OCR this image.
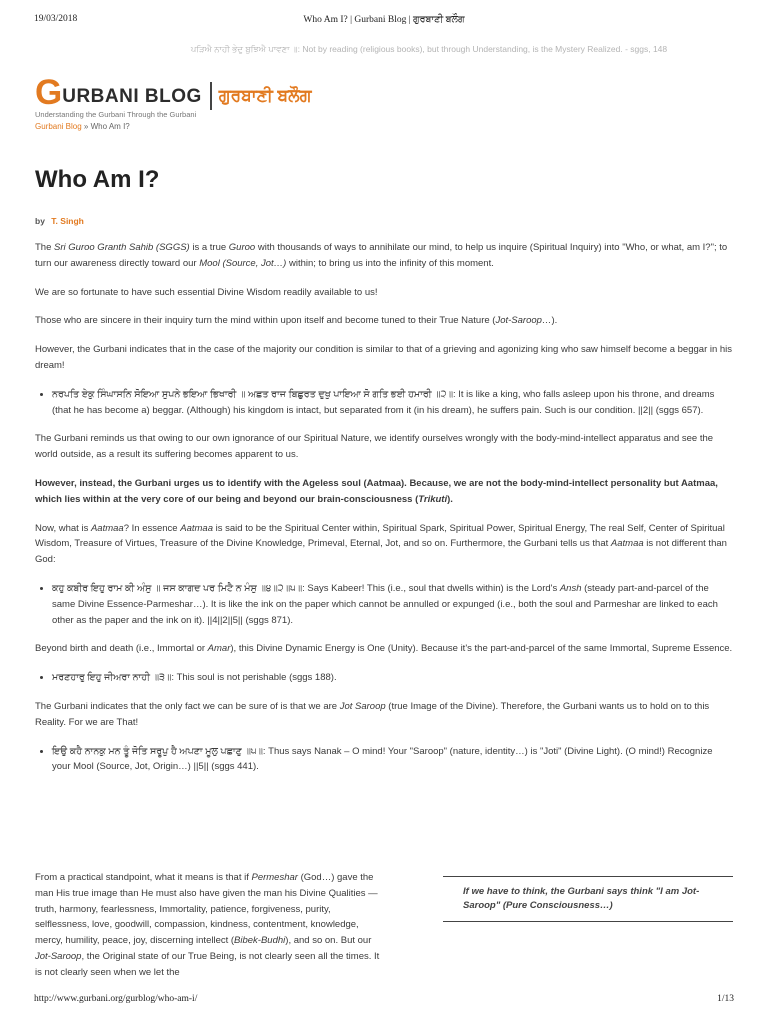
19/03/2018	Who Am I? | Gurbani Blog | ਗੁਰਬਾਣੀ ਬਲੌਗ
ਪੜਿਐ ਨਾਹੀ ਭੇਦੁ ਬੁਝਿਐ ਪਾਵਣਾ ॥: Not by reading (religious books), but through Understanding, is the Mystery Realized. - sggs, 148
G URBANI BLOG ਗੁਰਬਾਣੀ ਬਲੌਗ
Understanding the Gurbani Through the Gurbani
Gurbani Blog » Who Am I?
Who Am I?
by T. Singh

The Sri Guroo Granth Sahib (SGGS) is a true Guroo with thousands of ways to annihilate our mind, to help us inquire (Spiritual Inquiry) into "Who, or what, am I?"; to turn our awareness directly toward our Mool (Source, Jot…) within; to bring us into the infinity of this moment.

We are so fortunate to have such essential Divine Wisdom readily available to us!

Those who are sincere in their inquiry turn the mind within upon itself and become tuned to their True Nature (Jot-Saroop…).

However, the Gurbani indicates that in the case of the majority our condition is similar to that of a grieving and agonizing king who saw himself become a beggar in his dream!

• ਨਰਪਤਿ ਏਕੁ ਸਿੰਘਾਸਨਿ ਸੋਇਆ ਸੁਪਨੇ ਭਇਆ ਭਿਖਾਰੀ ॥ ਅਛਤ ਰਾਜ ਬਿਛੁਰਤ ਦੁਖੁ ਪਾਇਆ ਸੋ ਗਤਿ ਭਈ ਹਮਾਰੀ ॥੨॥: It is like a king, who falls asleep upon his throne, and dreams (that he has become a) beggar. (Although) his kingdom is intact, but separated from it (in his dream), he suffers pain. Such is our condition. ||2|| (sggs 657).

The Gurbani reminds us that owing to our own ignorance of our Spiritual Nature, we identify ourselves wrongly with the body-mind-intellect apparatus and see the world outside, as a result its suffering becomes apparent to us.

However, instead, the Gurbani urges us to identify with the Ageless soul (Aatmaa). Because, we are not the body-mind-intellect personality but Aatmaa, which lies within at the very core of our being and beyond our brain-consciousness (Trikuti).

Now, what is Aatmaa? In essence Aatmaa is said to be the Spiritual Center within, Spiritual Spark, Spiritual Power, Spiritual Energy, The real Self, Center of Spiritual Wisdom, Treasure of Virtues, Treasure of the Divine Knowledge, Primeval, Eternal, Jot, and so on. Furthermore, the Gurbani tells us that Aatmaa is not different than God:

• ਕਹੁ ਕਬੀਰ ਇਹੁ ਰਾਮ ਕੀ ਅੰਸੁ ॥ ਜਸ ਕਾਗਦ ਪਰ ਮਿਟੈ ਨ ਮੰਸੁ ॥੪॥੨॥੫॥: Says Kabeer! This (i.e., soul that dwells within) is the Lord's Ansh (steady part-and-parcel of the same Divine Essence-Parmeshar…). It is like the ink on the paper which cannot be annulled or expunged (i.e., both the soul and Parmeshar are linked to each other as the paper and the ink on it). ||4||2||5|| (sggs 871).

Beyond birth and death (i.e., Immortal or Amar), this Divine Dynamic Energy is One (Unity). Because it's the part-and-parcel of the same Immortal, Supreme Essence.

• ਮਰਣਹਾਰੁ ਇਹੁ ਜੀਅਰਾ ਨਾਹੀ ॥੩॥: This soul is not perishable (sggs 188).

The Gurbani indicates that the only fact we can be sure of is that we are Jot Saroop (true Image of the Divine). Therefore, the Gurbani wants us to hold on to this Reality. For we are That!

• ਇਉ ਕਹੈ ਨਾਨਕੁ ਮਨ ਤੂੰ ਜੋਤਿ ਸਰੂਪੁ ਹੈ ਅਪਣਾ ਮੂਲੁ ਪਛਾਣੁ ॥੫॥: Thus says Nanak – O mind! Your "Saroop" (nature, identity…) is "Joti" (Divine Light). (O mind!) Recognize your Mool (Source, Jot, Origin…) ||5|| (sggs 441).
From a practical standpoint, what it means is that if Permeshar (God…) gave the man His true image than He must also have given the man his Divine Qualities — truth, harmony, fearlessness, Immortality, patience, forgiveness, purity, selflessness, love, goodwill, compassion, kindness, contentment, knowledge, mercy, humility, peace, joy, discerning intellect (Bibek-Budhi), and so on. But our Jot-Saroop, the Original state of our True Being, is not clearly seen all the times. It is not clearly seen when we let the
If we have to think, the Gurbani says think "I am Jot-Saroop" (Pure Consciousness…)
http://www.gurbani.org/gurblog/who-am-i/	1/13
